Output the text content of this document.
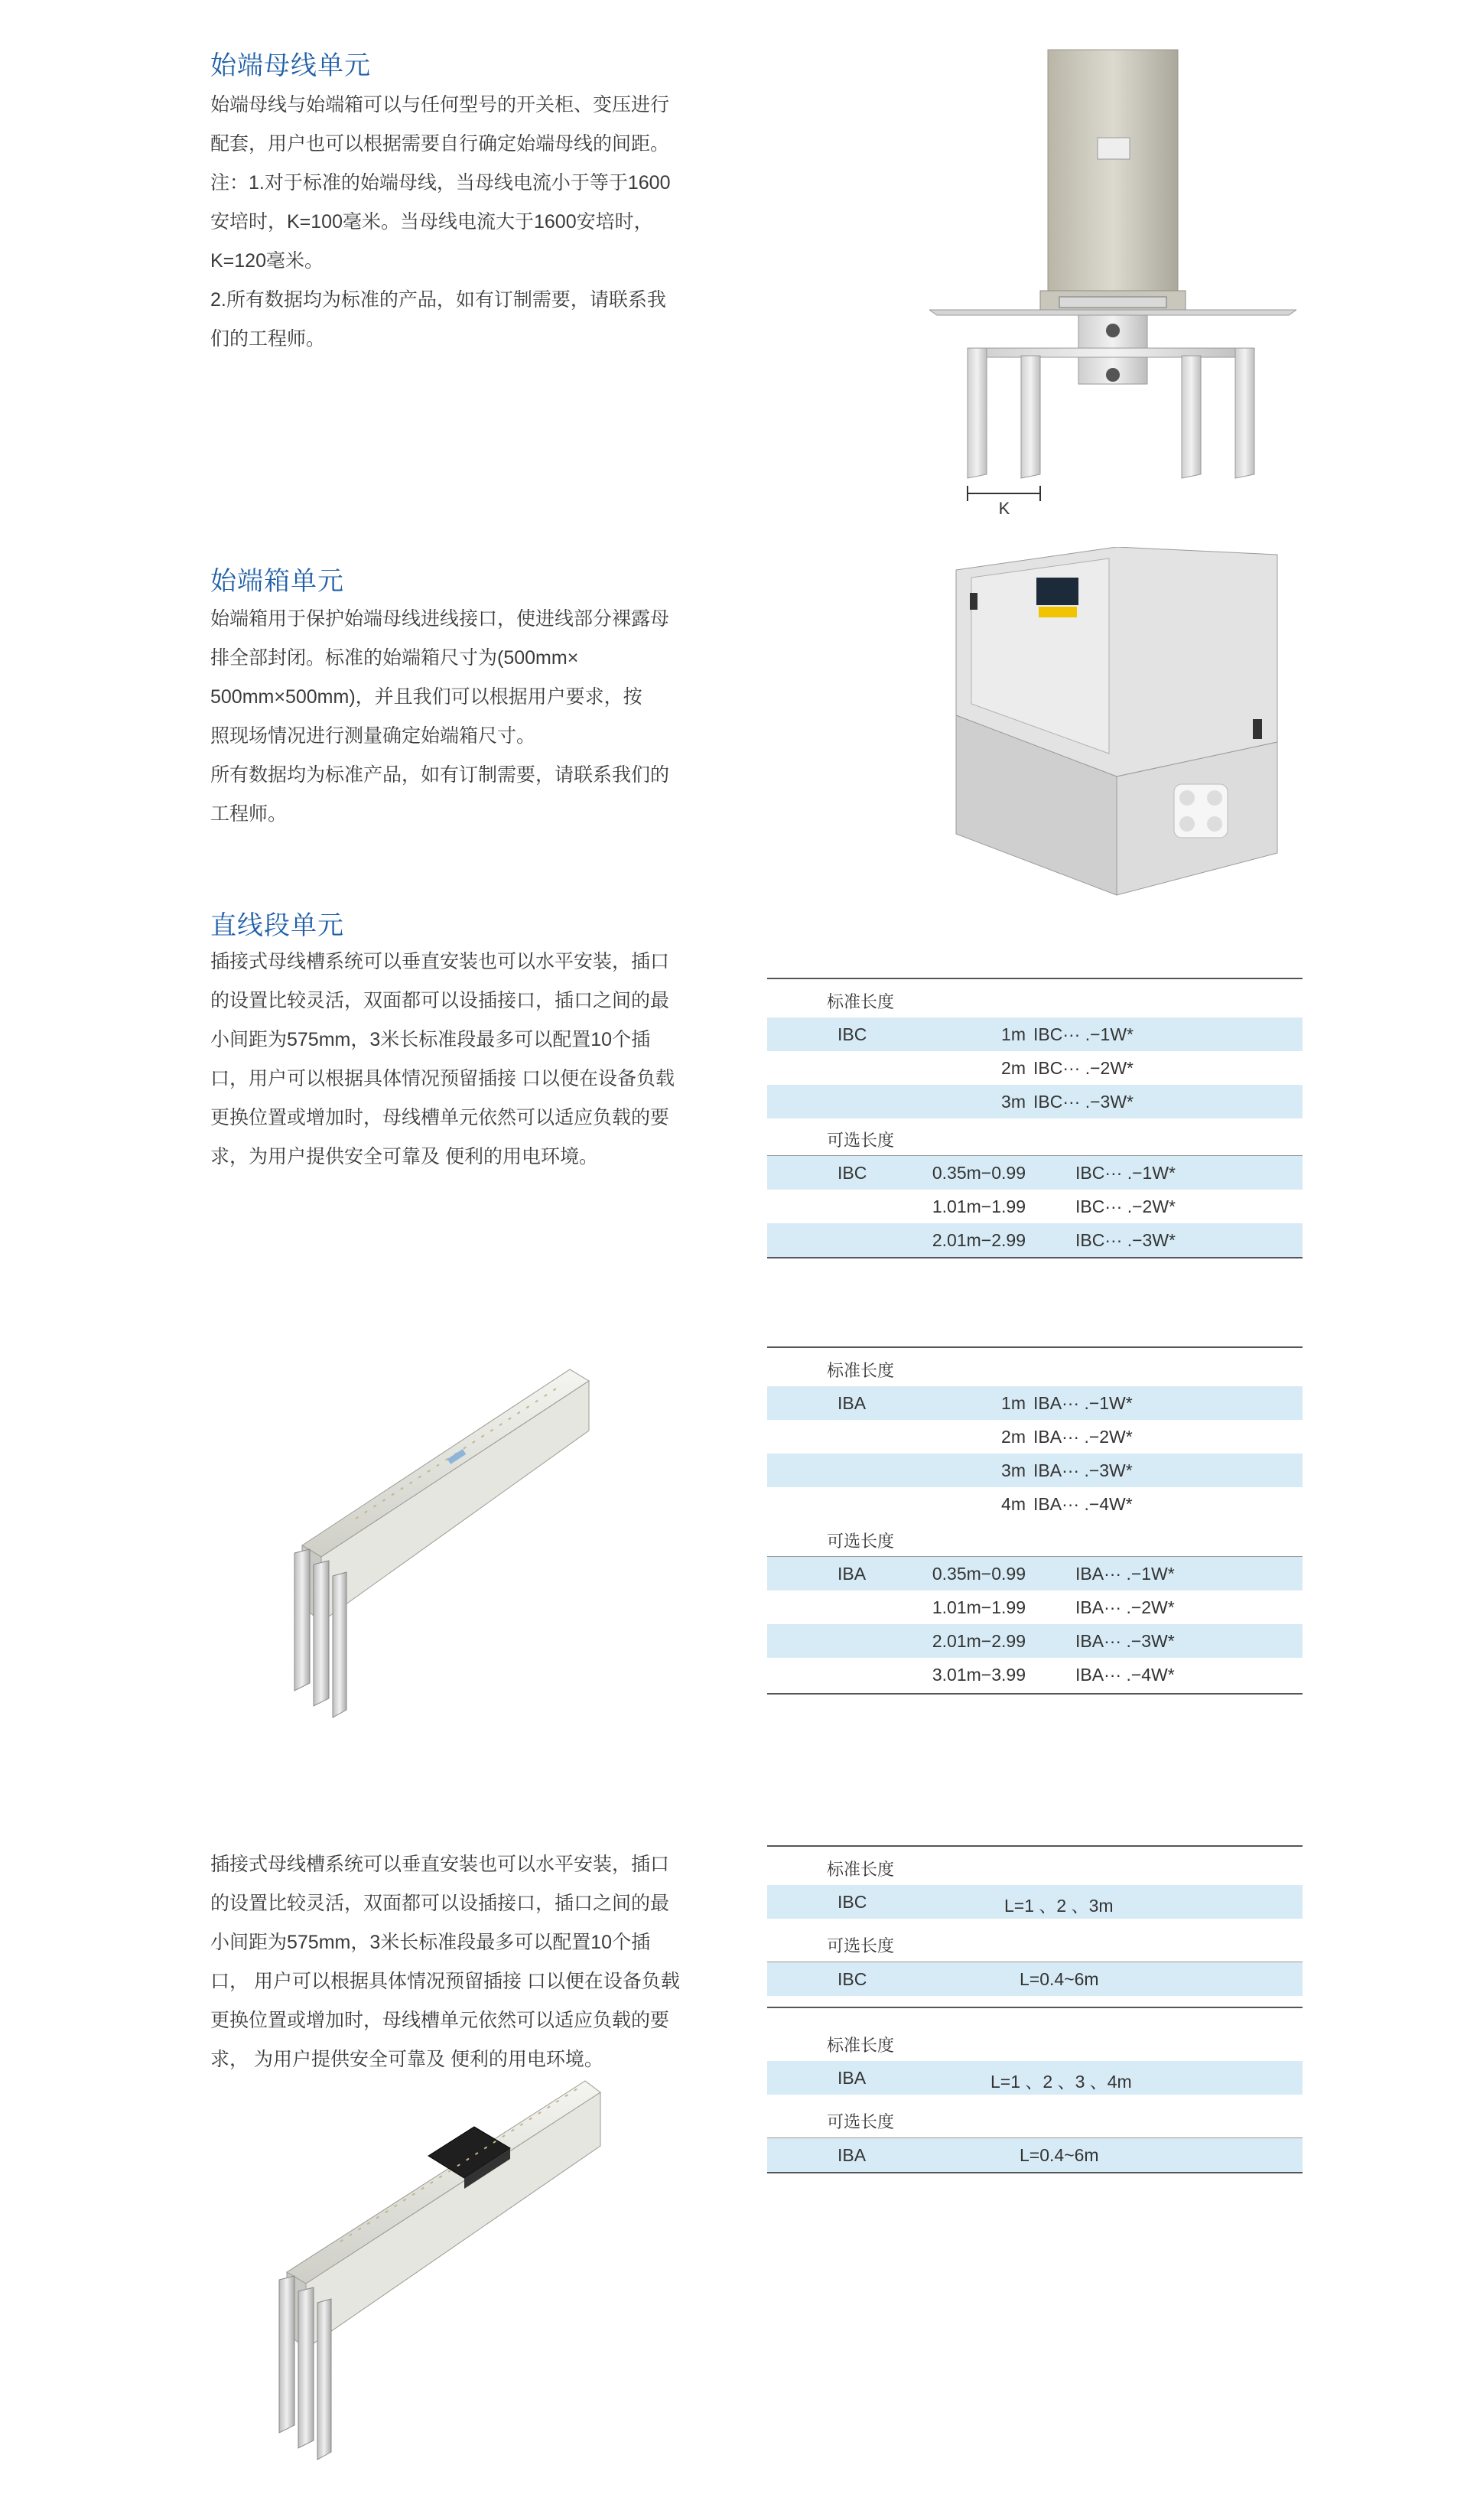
始端母线单元
始端母线与始端箱可以与任何型号的开关柜、变压进行
配套，用户也可以根据需要自行确定始端母线的间距。
注：1.对于标准的始端母线，当母线电流小于等于1600
安培时，K=100毫米。当母线电流大于1600安培时，
K=120毫米。
2.所有数据均为标准的产品，如有订制需要，请联系我
们的工程师。
K
始端箱单元
始端箱用于保护始端母线进线接口，使进线部分裸露母
排全部封闭。标准的始端箱尺寸为(500mm×
500mm×500mm)，并且我们可以根据用户要求，按
照现场情况进行测量确定始端箱尺寸。
所有数据均为标准产品，如有订制需要，请联系我们的
工程师。
直线段单元
插接式母线槽系统可以垂直安装也可以水平安装，插口
的设置比较灵活，双面都可以设插接口，插口之间的最
小间距为575mm，3米长标准段最多可以配置10个插
口，用户可以根据具体情况预留插接 口以便在设备负载
更换位置或增加时，母线槽单元依然可以适应负载的要
求，为用户提供安全可靠及 便利的用电环境。
标准长度
IBC	1m IBC··· .−1W*
2m IBC··· .−2W*
3m IBC··· .−3W*
可选长度
IBC	0.35m−0.99	IBC··· .−1W*
1.01m−1.99	IBC··· .−2W*
2.01m−2.99	IBC··· .−3W*
标准长度
IBA	1m IBA··· .−1W*
2m IBA··· .−2W*
3m IBA··· .−3W*
4m IBA··· .−4W*
可选长度
IBA	0.35m−0.99	IBA··· .−1W*
1.01m−1.99	IBA··· .−2W*
2.01m−2.99	IBA··· .−3W*
3.01m−3.99	IBA··· .−4W*
插接式母线槽系统可以垂直安装也可以水平安装，插口
的设置比较灵活，双面都可以设插接口，插口之间的最
小间距为575mm，3米长标准段最多可以配置10个插
口， 用户可以根据具体情况预留插接 口以便在设备负载
更换位置或增加时，母线槽单元依然可以适应负载的要
求， 为用户提供安全可靠及 便利的用电环境。
标准长度
IBC	L=1 、2 、3m
可选长度
IBC	L=0.4~6m
标准长度
IBA	L=1 、2 、3 、4m
可选长度
IBA	L=0.4~6m
